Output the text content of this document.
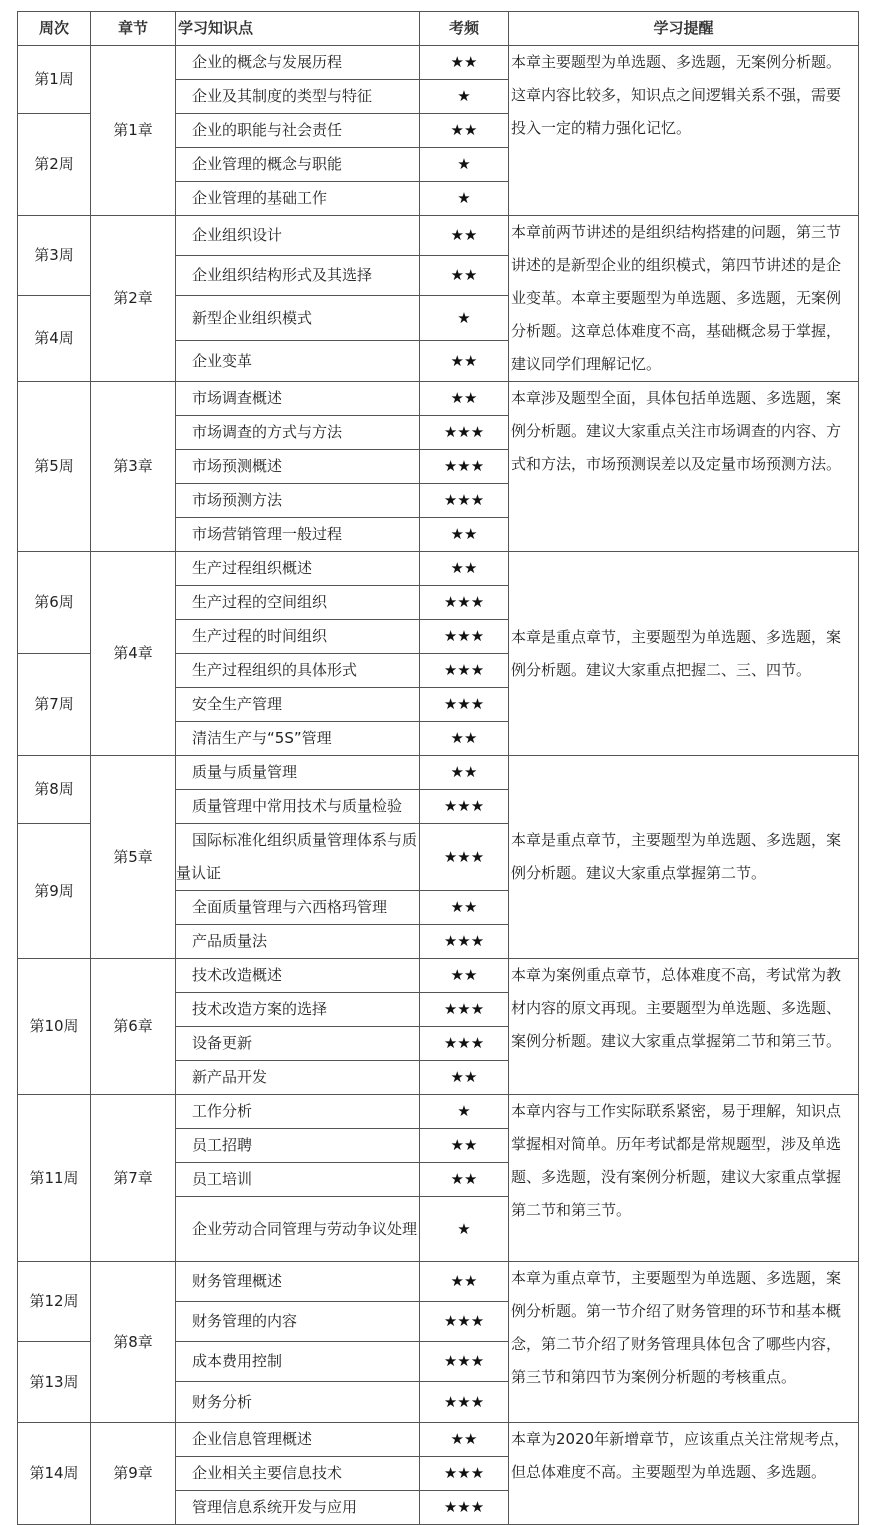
周次	章节	学习知识点	考频	学习提醒
第1周	第1章	企业的概念与发展历程	★★	本章主要题型为单选题、多选题，无案例分析题。这章内容比较多，知识点之间逻辑关系不强，需要投入一定的精力强化记忆。
		企业及其制度的类型与特征	★	
第2周		企业的职能与社会责任	★★	
		企业管理的概念与职能	★	
		企业管理的基础工作	★	
第3周	第2章	企业组织设计	★★	本章前两节讲述的是组织结构搭建的问题，第三节讲述的是新型企业的组织模式，第四节讲述的是企业变革。本章主要题型为单选题、多选题，无案例分析题。这章总体难度不高，基础概念易于掌握，建议同学们理解记忆。
		企业组织结构形式及其选择	★★	
第4周		新型企业组织模式	★	
		企业变革	★★	
第5周	第3章	市场调查概述	★★	本章涉及题型全面，具体包括单选题、多选题，案例分析题。建议大家重点关注市场调查的内容、方式和方法，市场预测误差以及定量市场预测方法。
		市场调查的方式与方法	★★★	
		市场预测概述	★★★	
		市场预测方法	★★★	
		市场营销管理一般过程	★★	
第6周	第4章	生产过程组织概述	★★	本章是重点章节，主要题型为单选题、多选题，案例分析题。建议大家重点把握二、三、四节。
		生产过程的空间组织	★★★	
		生产过程的时间组织	★★★	
第7周		生产过程组织的具体形式	★★★	
		安全生产管理	★★★	
		清洁生产与“5S”管理	★★	
第8周	第5章	质量与质量管理	★★	本章是重点章节，主要题型为单选题、多选题，案例分析题。建议大家重点掌握第二节。
		质量管理中常用技术与质量检验	★★★	
第9周		国际标准化组织质量管理体系与质量认证	★★★	
		全面质量管理与六西格玛管理	★★	
		产品质量法	★★★	
第10周	第6章	技术改造概述	★★	本章为案例重点章节，总体难度不高，考试常为教材内容的原文再现。主要题型为单选题、多选题、案例分析题。建议大家重点掌握第二节和第三节。
		技术改造方案的选择	★★★	
		设备更新	★★★	
		新产品开发	★★	
第11周	第7章	工作分析	★	本章内容与工作实际联系紧密，易于理解，知识点掌握相对简单。历年考试都是常规题型，涉及单选题、多选题，没有案例分析题，建议大家重点掌握第二节和第三节。
		员工招聘	★★	
		员工培训	★★	
		企业劳动合同管理与劳动争议处理	★	
第12周	第8章	财务管理概述	★★	本章为重点章节，主要题型为单选题、多选题，案例分析题。第一节介绍了财务管理的环节和基本概念，第二节介绍了财务管理具体包含了哪些内容，第三节和第四节为案例分析题的考核重点。
		财务管理的内容	★★★	
第13周		成本费用控制	★★★	
		财务分析	★★★	
第14周	第9章	企业信息管理概述	★★	本章为2020年新增章节，应该重点关注常规考点，但总体难度不高。主要题型为单选题、多选题。
		企业相关主要信息技术	★★★	
		管理信息系统开发与应用	★★★	
